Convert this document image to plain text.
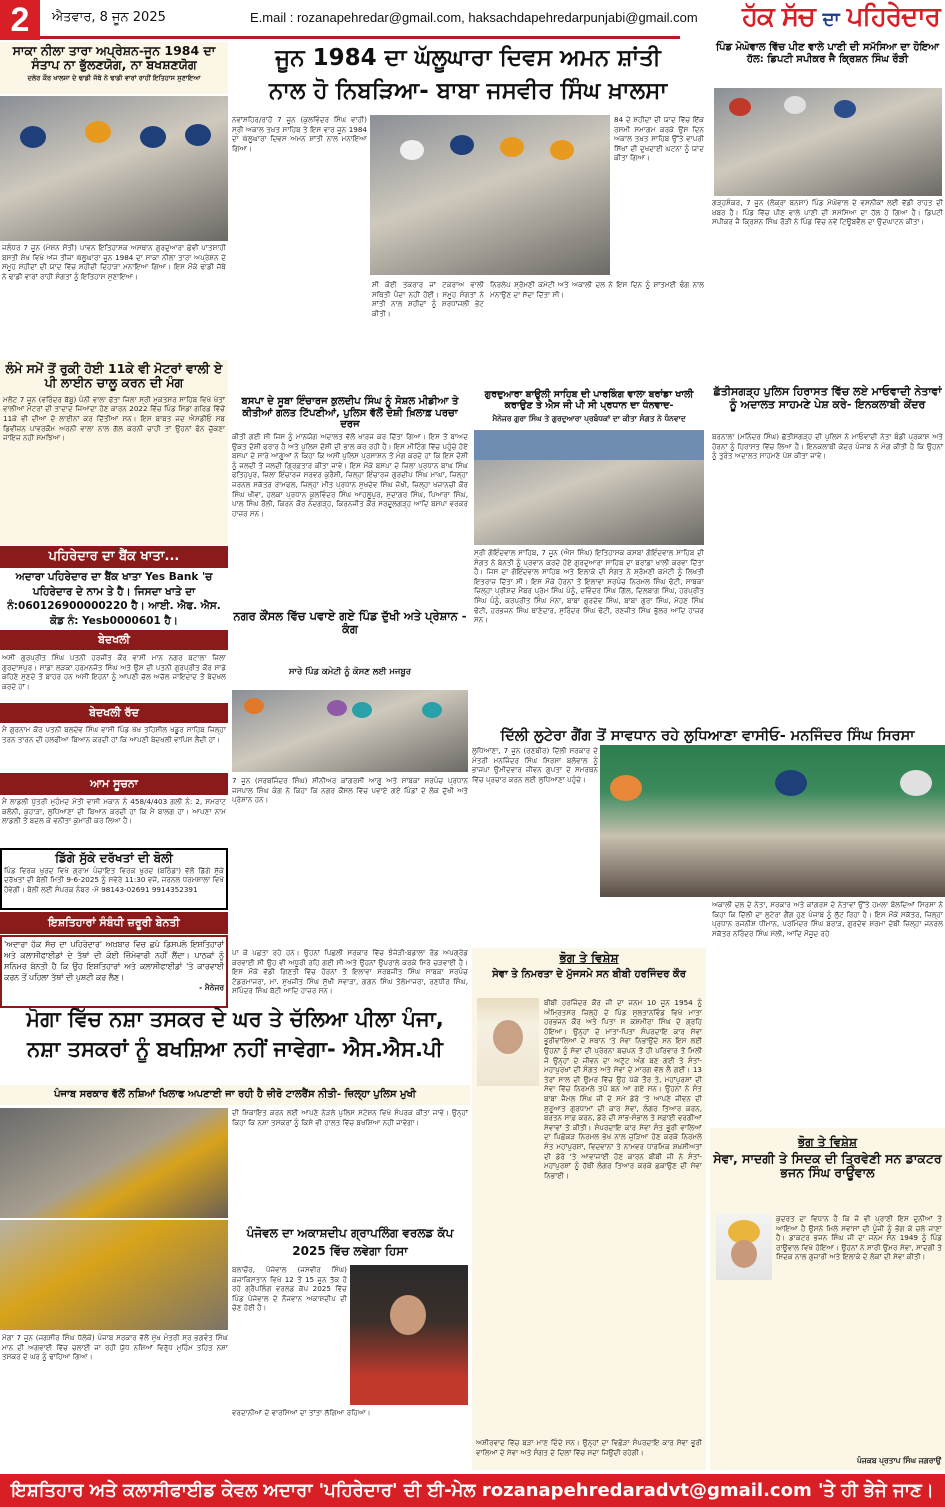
2	ਐਤਵਾਰ, 8 ਜੂਨ 2025	E.mail : rozanapehredar@gmail.com, haksachdapehredarpunjabi@gmail.com ਹੱਕ ਸੱਚ ਦਾ ਪਹਿਰੇਦਾਰ
ਸਾਕਾ ਨੀਲਾ ਤਾਰਾ ਅਪ੍ਰੇਸ਼ਨ-ਜੂਨ 1984 ਦਾ ਸੰਤਾਪ ਨਾ ਭੁੱਲਣਯੋਗ, ਨਾ ਬਖਸ਼ਣਯੋਗ
ਦਲੇਰ ਕੌਰ ਖਾਲਸਾ ਦੇ ਢਾਡੀ ਜੱਥੇ ਨੇ ਢਾਡੀ ਵਾਰਾਂ ਰਾਹੀਂ ਇਤਿਹਾਸ ਸੁਣਾਇਆ
ਜਲੰਧਰ 7 ਜੂਨ (ਮੇਸ਼ਨ ਸੋਤੀ) ਪਾਵਨ ਇਤਿਹਾਸਕ ਅਸਥਾਨ ਗੁਰਦੁਆਰਾ ਛੇਵੀਂ ਪਾਤਸ਼ਾਹੀ ਬਸਤੀ ਸ਼ੇਖ ਵਿਖੇ ਅੱਜ ਤੀਜਾ ਘੱਲੂਘਾਰਾ ਜੂਨ 1984 ਦਾ ਸਾਕਾ ਨੀਲਾ ਤਾਰਾ ਅਪ੍ਰੇਸ਼ਨ ਦੇ ਸਮੂਹ ਸ਼ਹੀਦਾਂ ਦੀ ਯਾਦ ਵਿੱਚ ਸ਼ਹੀਦੀ ਦਿਹਾੜਾ ਮਨਾਇਆ ਗਿਆ। ਇਸ ਮੌਕੇ ਢਾਡੀ ਜੱਥੇ ਨੇ ਢਾਡੀ ਵਾਰਾਂ ਰਾਹੀਂ ਸੰਗਤਾਂ ਨੂੰ ਇਤਿਹਾਸ ਸੁਣਾਇਆ।
ਲੰਮੇ ਸਮੇਂ ਤੋਂ ਰੁਕੀ ਹੋਈ 11ਕੇ ਵੀ ਮੋਟਰਾਂ ਵਾਲੀ ਏ ਪੀ ਲਾਈਨ ਚਾਲੂ ਕਰਨ ਦੀ ਮੰਗ
ਮਲੋਟ 7 ਜੂਨ (ਵਰਿੰਦਰ ਬੱਬੂ) ਪੰਨੀ ਵਾਲਾ ਫੱਤਾ ਜਿਲਾ ਸ੍ਰੀ ਮੁਕਤਸਰ ਸਾਹਿਬ ਵਿਖੇ ਖੇਤਾਂ ਵਾਲੀਆਂ ਮੋਟਰਾਂ ਦੀ ਤਾਦਾਦ ਜਿਆਦਾ ਹੋਣ ਕਾਰਨ 2022 ਵਿੱਚ ਪਿੰਡ ਮਿੱਡਾ ਗਰਿਡ ਵਿੱਚੋਂ 11ਕੇ ਵੀ ਦੀਆਂ ਦੋ ਲਾਈਨਾਂ ਕਰ ਦਿੱਤੀਆਂ ਸਨ। ਇਸ ਬਾਬਤ ਜਦ ਐਸਡੀਓ ਸਬ ਡਿਵੀਜ਼ਨ ਪਾਵਰਕੌਮ ਅਰਨੀ ਵਾਲਾ ਨਾਲ ਗੱਲ ਕਰਨੀ ਚਾਹੀ ਤਾਂ ਉਹਨਾਂ ਫੋਨ ਚੁੱਕਣਾ ਜਾਇਜ਼ ਨਹੀਂ ਸਮਝਿਆ।
ਪਹਿਰੇਦਾਰ ਦਾ ਬੈਂਕ ਖਾਤਾ...
ਅਦਾਰਾ ਪਹਿਰੇਦਾਰ ਦਾ ਬੈਂਕ ਖਾਤਾ Yes Bank 'ਚ ਪਹਿਰੇਦਾਰ ਦੇ ਨਾਮ ਤੇ ਹੈ। ਜਿਸਦਾ ਖਾਤੇ ਦਾ ਨੰ:060126900000220 ਹੈ। ਆਈ. ਐਫ. ਐਸ. ਕੋਡ ਨੰ: Yesb0000601 ਹੈ।
ਬੇਦਖਲੀ
ਅਸੀਂ ਗੁਰਪ੍ਰੀਤ ਸਿੰਘ ਪਤਨੀ ਹਰਜੀਤ ਕੌਰ ਵਾਸੀ ਮਾਨ ਨਗਰ ਬਟਾਲਾ ਜਿਲਾ ਗੁਰਦਾਸਪੁਰ। ਸਾਡਾ ਲੜਕਾ ਹਰਮਨਜੋਤ ਸਿੰਘ ਅਤੇ ਉਸ ਦੀ ਪਤਨੀ ਗੁਰਪ੍ਰੀਤ ਕੌਰ ਸਾਡੇ ਕਹਿਣੇ ਸੁਣਦੇ ਤੋਂ ਬਾਹਰ ਹਨ ਅਸੀਂ ਇਹਨਾਂ ਨੂੰ ਆਪਣੀ ਚੱਲ ਅਚੱਲ ਜਾਇਦਾਦ ਤੋਂ ਬੇਦਖਲ ਕਰਦੇ ਹਾਂ।
ਬੇਦਖਲੀ ਰੱਦ
ਮੈਂ ਗੁਰਨਾਮ ਕੌਰ ਪਤਨੀ ਬਲਦੇਵ ਸਿੰਘ ਵਾਸੀ ਪਿੰਡ ਖੱਖ ਤਹਿਸੀਲ ਖਡੂਰ ਸਾਹਿਬ ਜਿਲ੍ਹਾ ਤਰਨ ਤਾਰਨ ਦੀ ਹਲਫੀਆ ਬਿਆਨ ਕਰਦੀ ਹਾਂ ਕਿ ਆਪਣੀ ਬੇਦਖਲੀ ਵਾਪਿਸ ਲੈਂਦੀ ਹਾਂ।
ਆਮ ਸੂਚਨਾ
ਮੈਂ ਲਾਡਲੀ ਪੁੱਤਰੀ ਮੁਹੰਮਦ ਮੋਤੀ ਵਾਸੀ ਮਕਾਨ ਨੰ 458/4/403 ਗਲੀ ਨੰ: 2, ਸਮਰਾਟ ਕਲੋਨੀ, ਕੁਹਾੜਾ, ਲੁਧਿਆਣਾ ਦੀ ਬਿਆਨ ਕਰਦੀ ਹਾਂ ਕਿ ਮੈਂ ਬਾਲਗ ਹਾਂ। ਆਪਣਾ ਨਾਮ ਲਾਡਲੀ ਤੋਂ ਬਦਲ ਕੇ ਵਨੀਤਾ ਕੁਮਾਰੀ ਕਰ ਲਿਆ ਹੈ।
ਡਿੱਗੇ ਸੁੱਕੇ ਦਰੱਖਤਾਂ ਦੀ ਬੋਲੀ
ਪਿੰਡ ਵਿਰਕ ਖੁਰਦ ਵਿਖੇ ਗ੍ਰਾਮ ਪੰਚਾਇਤ ਵਿਰਕ ਖੁਰਦ (ਬਠਿੰਡਾ) ਵੱਲੋਂ ਡਿੱਗੇ ਸੁੱਕੇ ਦਰੱਖਤਾਂ ਦੀ ਬੋਲੀ ਮਿਤੀ 9-6-2025 ਨੂੰ ਸਵੇਰੇ 11:30 ਵਜੇ, ਜਰਨਲ ਧਰਮਸ਼ਾਲਾ ਵਿਖੇ ਹੋਵੇਗੀ। ਬੋਲੀ ਲਈ ਸੰਪਰਕ ਨੰਬਰ -ਮੋ 98143-02691 9914352391
ਇਸ਼ਤਿਹਾਰਾਂ ਸੰਬੰਧੀ ਜ਼ਰੂਰੀ ਬੇਨਤੀ
'ਅਦਾਰਾ ਹੱਕ ਸੱਚ ਦਾ ਪਹਿਰੇਦਾਰ' ਅਖ਼ਬਾਰ ਵਿਚ ਛਪੇ ਡਿਸਪਲੇ ਇਸ਼ਤਿਹਾਰਾਂ ਅਤੇ ਕਲਾਸੀਫਾਈਡਾਂ ਦੇ ਤੱਥਾਂ ਦੀ ਕੋਈ ਜ਼ਿੰਮੇਵਾਰੀ ਨਹੀਂ ਲੈਂਦਾ। ਪਾਠਕਾਂ ਨੂੰ ਸਨਿਮਰ ਬੇਨਤੀ ਹੈ ਕਿ ਉਹ ਇਸ਼ਤਿਹਾਰਾਂ ਅਤੇ ਕਲਾਸੀਫਾਈਡਾਂ 'ਤੇ ਕਾਰਵਾਈ ਕਰਨ ਤੋਂ ਪਹਿਲਾ ਤੱਥਾਂ ਦੀ ਪੁਸ਼ਟੀ ਕਰ ਲੈਣ।
- ਮੈਨੇਜਰ
ਜੂਨ 1984 ਦਾ ਘੱਲੂਘਾਰਾ ਦਿਵਸ ਅਮਨ ਸ਼ਾਂਤੀ
ਨਾਲ ਹੋ ਨਿਬੜਿਆ- ਬਾਬਾ ਜਸਵੀਰ ਸਿੰਘ ਖ਼ਾਲਸਾ
ਨਵਾਂਸ਼ਹਿਰ/ਰਾਹੋਂ 7 ਜੂਨ (ਕੁਲਵਿੰਦਰ ਸਿੰਘ ਵਾਹੀ) ਸ੍ਰੀ ਅਕਾਲ ਤਖ਼ਤ ਸਾਹਿਬ ਤੇ ਇਸ ਵਾਰ ਜੂਨ 1984 ਦਾ ਘੱਲੂਘਾਰਾ ਦਿਵਸ ਅਮਨ ਸ਼ਾਂਤੀ ਨਾਲ ਮਨਾਇਆ ਗਿਆ।
84 ਦੇ ਸ਼ਹੀਦਾਂ ਦੀ ਯਾਦ ਵਿੱਚ ਇੱਕ ਰਸਮੀ ਸਮਾਗਮ ਕਰਕੇ ਉਸ ਦਿਨ ਅਕਾਲ ਤਖ਼ਤ ਸਾਹਿਬ ਉੱਤੇ ਵਾਪਰੀ ਸਿੱਖਾਂ ਦੀ ਦੁਖਦਾਈ ਘਟਨਾ ਨੂੰ ਯਾਦ ਕੀਤਾ ਗਿਆ।
ਸੀ ਕੋਈ ਤਕਰਾਰ ਜਾਂ ਟਕਰਾਅ ਵਾਲੀ ਸਥਿਤੀ ਪੈਦਾ ਨਹੀਂ ਹੋਈ। ਸਮੂਹ ਸੰਗਤਾਂ ਨੇ ਸ਼ਾਂਤੀ ਨਾਲ ਸ਼ਹੀਦਾਂ ਨੂੰ ਸ਼ਰਧਾਂਜਲੀ ਭੇਟ ਕੀਤੀ।
ਨਿਰਲੇਪ ਸ਼੍ਰੋਮਣੀ ਕਮੇਟੀ ਅਤੇ ਅਕਾਲੀ ਦਲ ਨੇ ਇਸ ਦਿਨ ਨੂੰ ਸ਼ਾਂਤਮਈ ਢੰਗ ਨਾਲ ਮਨਾਉਣ ਦਾ ਸੱਦਾ ਦਿੱਤਾ ਸੀ।
ਬਸਪਾ ਦੇ ਸੂਬਾ ਇੰਚਾਰਜ ਕੁਲਦੀਪ ਸਿੰਘ ਨੂੰ ਸੋਸ਼ਲ ਮੀਡੀਆ ਤੇ ਕੀਤੀਆਂ ਗਲਤ ਟਿੱਪਣੀਆਂ, ਪੁਲਿਸ ਵੱਲੋਂ ਦੋਸ਼ੀ ਖ਼ਿਲਾਫ਼ ਪਰਚਾ ਦਰਜ
ਕੀਤੀ ਗਈ ਸੀ ਜਿਸ ਨੂੰ ਮਾਨਯੋਗ ਅਦਾਲਤ ਵੱਲੋਂ ਖਾਰਜ ਕਰ ਦਿੱਤਾ ਗਿਆ। ਇਸ ਤੋਂ ਬਾਅਦ ਉਕਤ ਦੋਸ਼ੀ ਫਰਾਰ ਹੈ ਅਤੇ ਪੁਲਿਸ ਦੋਸ਼ੀ ਦੀ ਭਾਲ ਕਰ ਰਹੀ ਹੈ। ਇਸ ਮੀਟਿੰਗ ਵਿੱਚ ਪਹੁੰਚੇ ਹੋਏ ਬਸਪਾ ਦੇ ਸਾਰੇ ਆਗੂਆਂ ਨੇ ਕਿਹਾ ਕਿ ਅਸੀਂ ਪੁਲਿਸ ਪ੍ਰਸਾਸ਼ਨ ਤੋਂ ਮੰਗ ਕਰਦੇ ਹਾਂ ਕਿ ਇਸ ਦੋਸ਼ੀ ਨੂੰ ਜਲਦੀ ਤੋਂ ਜਲਦੀ ਗ੍ਰਿਫ਼ਤਾਰ ਕੀਤਾ ਜਾਵੇ। ਇਸ ਮੌਕੇ ਬਸਪਾ ਦੇ ਜ਼ਿਲਾ ਪ੍ਰਧਾਨ ਬਾਘ ਸਿੰਘ ਫਤਿਹਪੁਰ, ਜ਼ਿਲਾ ਇੰਚਾਰਜ ਸਰਵਰ ਕੁਰੈਸ਼ੀ, ਜ਼ਿਲ੍ਹਾ ਇੰਚਾਰਜ ਗੁਰਦੀਪ ਸਿੰਘ ਮਾਘਾ, ਜ਼ਿਲ੍ਹਾ ਜਰਨਲ ਸਕੱਤਰ ਰਾਮਫਲ, ਜ਼ਿਲ੍ਹਾ ਮੀਤ ਪ੍ਰਧਾਨ ਸੁਖਦੇਵ ਸਿੰਘ ਜ਼ੋਖੀ, ਜ਼ਿਲ੍ਹਾ ਖਜ਼ਾਨਚੀ ਕੌਰ ਸਿੰਘ ਖੀਵਾ, ਹਲਕਾ ਪ੍ਰਧਾਨ ਕੁਲਵਿੰਦਰ ਸਿੰਘ ਆਹਲੂਪੁਰ, ਸੁਦਾਗਰ ਸਿੰਘ, ਪਿਆਰਾ ਸਿੰਘ, ਪਾਲ ਸਿੰਘ ਰੌਲੀ, ਕਿਰਨ ਕੌਰ ਨੰਦਗੜ੍ਹ, ਕਿਰਨਜੀਤ ਕੌਰ ਸਰਦੂਲਗੜ੍ਹ ਆਦਿ ਬਸਪਾ ਵਰਕਰ ਹਾਜ਼ਰ ਸਨ।
ਨਗਰ ਕੌਂਸਲ ਵਿੱਚ ਪਵਾਏ ਗਏ ਪਿੰਡ ਦੁੱਖੀ ਅਤੇ ਪ੍ਰੇਸ਼ਾਨ - ਕੰਗ
ਸਾਰੇ ਪਿੰਡ ਕਮੇਟੀ ਨੂੰ ਕੋਸਣ ਲਈ ਮਜਬੂਰ
7 ਜੂਨ (ਸਰਬਜਿੰਦਰ ਸਿੰਘ) ਸੀਨੀਅਰ ਕਾਂਗਰਸੀ ਆਗੂ ਅਤੇ ਸਾਬਕਾ ਸਰਪੰਚ ਪ੍ਰਧਾਨ ਜਸਪਾਲ ਸਿੰਘ ਕੰਗ ਨੇ ਕਿਹਾ ਕਿ ਨਗਰ ਕੌਂਸਲ ਵਿੱਚ ਪਵਾਏ ਗਏ ਪਿੰਡਾਂ ਦੇ ਲੋਕ ਦੁੱਖੀ ਅਤੇ ਪ੍ਰੇਸ਼ਾਨ ਹਨ।
ਗੁਰਦੁਆਰਾ ਬਾਉਲੀ ਸਾਹਿਬ ਦੀ ਪਾਰਕਿੰਗ ਵਾਲਾ ਬਰਾਂਡਾ ਖਾਲੀ ਕਰਾਉਣ ਤੇ ਐਸ ਜੀ ਪੀ ਸੀ ਪ੍ਰਧਾਨ ਦਾ ਧੰਨਵਾਦ-
ਮੈਨੇਜਰ ਗੁਰਾ ਸਿੰਘ ਤੇ ਗੁਰਦੁਆਰਾ ਪ੍ਰਬੰਧਕਾਂ ਦਾ ਕੀਤਾ ਸੰਗਤ ਨੇ ਧੰਨਵਾਦ
ਸ੍ਰੀ ਗੋਇੰਦਵਾਲ ਸਾਹਿਬ, 7 ਜੂਨ (ਐਸ ਸਿੰਘ) ਇਤਿਹਾਸਕ ਕਸਬਾ ਗੋਇੰਦਵਾਲ ਸਾਹਿਬ ਦੀ ਸੰਗਤ ਨੇ ਬੇਨਤੀ ਨੂੰ ਪ੍ਰਵਾਨ ਕਰਦੇ ਹੋਏ ਗੁਰਦੁਆਰਾ ਸਾਹਿਬ ਦਾ ਬਰਾਂਡਾ ਖਾਲੀ ਕਰਵਾ ਦਿੱਤਾ ਹੈ। ਜਿਸ ਦਾ ਗੋਇੰਦਵਾਲ ਸਾਹਿਬ ਅਤੇ ਇਲਾਕੇ ਦੀ ਸੰਗਤ ਨੇ ਸ਼੍ਰੋਮਣੀ ਕਮੇਟੀ ਨੂੰ ਲਿਖਤੀ ਇਤਰਾਜ਼ ਦਿੱਤਾ ਸੀ। ਇਸ ਮੌਕੇ ਹੋਰਨਾਂ ਤੋਂ ਇਲਾਵਾ ਸਰਪੰਚ ਨਿਰਮਲ ਸਿੰਘ ਢੋਟੀ, ਸਾਬਕਾ ਜ਼ਿਲ੍ਹਾ ਪ੍ਰੀਸ਼ਦ ਮੈਂਬਰ ਪ੍ਰੇਮ ਸਿੰਘ ਪੰਨੂੰ, ਦਵਿੰਦਰ ਸਿੰਘ ਗਿੱਲ, ਦਿਲਬਾਗ ਸਿੰਘ, ਹਰਪ੍ਰੀਤ ਸਿੰਘ ਪੰਨੂੰ, ਕਰਪ੍ਰੀਤ ਸਿੰਘ ਮੇਨਾ, ਬਾਬਾ ਗੁਰਦੇਵ ਸਿੰਘ, ਬਾਬਾ ਗੁਰਾ ਸਿੰਘ, ਮੋਹਣ ਸਿੰਘ ਢੋਟੀ, ਹਰਭਜਨ ਸਿੰਘ ਥਾਣੇਦਾਰ, ਸੁਰਿੰਦਰ ਸਿੰਘ ਢੋਟੀ, ਰਣਜੀਤ ਸਿੰਘ ਭੁੱਲਰ ਆਦਿ ਹਾਜ਼ਰ ਸਨ।
ਪਿੰਡ ਮੋਘੋਵਾਲ ਵਿੱਚ ਪੀਣ ਵਾਲੇ ਪਾਣੀ ਦੀ ਸਮੱਸਿਆ ਦਾ ਹੋਇਆ ਹੱਲ: ਡਿਪਟੀ ਸਪੀਕਰ ਜੈ ਕ੍ਰਿਸ਼ਨ ਸਿੰਘ ਰੌੜੀ
ਗੜ੍ਹਸ਼ੰਕਰ, 7 ਜੂਨ (ਲੋਕ੍ਰਾ ਬਨਸ਼ਾ) ਪਿੰਡ ਮੋਘੋਵਾਲ ਦੇ ਵਸਨੀਕਾਂ ਲਈ ਵੱਡੀ ਰਾਹਤ ਦੀ ਖ਼ਬਰ ਹੈ। ਪਿੰਡ ਵਿੱਚ ਪੀਣ ਵਾਲੇ ਪਾਣੀ ਦੀ ਸਮੱਸਿਆ ਦਾ ਹੱਲ ਹੋ ਗਿਆ ਹੈ। ਡਿਪਟੀ ਸਪੀਕਰ ਜੈ ਕ੍ਰਿਸ਼ਨ ਸਿੰਘ ਰੌੜੀ ਨੇ ਪਿੰਡ ਵਿੱਚ ਨਵੇਂ ਟਿਊਬਵੈੱਲ ਦਾ ਉਦਘਾਟਨ ਕੀਤਾ।
ਛੱਤੀਸਗੜ੍ਹ ਪੁਲਿਸ ਹਿਰਾਸਤ ਵਿੱਚ ਲਏ ਮਾਓਵਾਦੀ ਨੇਤਾਵਾਂ ਨੂੰ ਅਦਾਲਤ ਸਾਹਮਣੇ ਪੇਸ਼ ਕਰੇ- ਇਨਕਲਾਬੀ ਕੇਂਦਰ
ਬਰਨਾਲਾ (ਮਨਿੰਦਰ ਸਿੰਘ) ਛੱਤੀਸਗੜ੍ਹ ਦੀ ਪੁਲਿਸ ਨੇ ਮਾਓਵਾਦੀ ਨੇਤਾ ਬੰਡੀ ਪ੍ਰਕਾਸ਼ ਅਤੇ ਹੋਰਨਾਂ ਨੂੰ ਹਿਰਾਸਤ ਵਿੱਚ ਲਿਆ ਹੈ। ਇਨਕਲਾਬੀ ਕੇਂਦਰ ਪੰਜਾਬ ਨੇ ਮੰਗ ਕੀਤੀ ਹੈ ਕਿ ਉਹਨਾਂ ਨੂੰ ਤੁਰੰਤ ਅਦਾਲਤ ਸਾਹਮਣੇ ਪੇਸ਼ ਕੀਤਾ ਜਾਵੇ।
ਦਿੱਲੀ ਲੁਟੇਰਾ ਗੈਂਗ ਤੋਂ ਸਾਵਧਾਨ ਰਹੇ ਲੁਧਿਆਣਾ ਵਾਸੀਓ- ਮਨਜਿੰਦਰ ਸਿੰਘ ਸਿਰਸਾ
ਲੁਧਿਆਣਾ, 7 ਜੂਨ (ਰਣਬੀਰ) ਦਿੱਲੀ ਸਰਕਾਰ ਦੇ ਮੰਤਰੀ ਮਨਜਿੰਦਰ ਸਿੰਘ ਸਿਰਸਾ ਬਲੋਵਾਲ ਨੂੰ ਭਾਜਪਾ ਉਮੀਦਵਾਰ ਜੀਵਨ ਗੁਪਤਾ ਦੇ ਸਮਰਥਨ ਵਿੱਚ ਪ੍ਰਚਾਰ ਕਰਨ ਲਈ ਲੁਧਿਆਣਾ ਪਹੁੰਚੇ।
ਅਕਾਲੀ ਦਲ ਦੇ ਨੇਤਾ, ਸਰਕਾਰ ਅਤੇ ਕਾਂਗਰਸ ਦੇ ਨੇਤਾਵਾਂ ਉੱਤੇ ਹਮਲਾ ਬੋਲਦਿਆਂ ਸਿਰਸਾ ਨੇ ਕਿਹਾ ਕਿ ਦਿੱਲੀ ਦਾ ਲੁਟੇਰਾ ਗੈਂਗ ਹੁਣ ਪੰਜਾਬ ਨੂੰ ਲੁੱਟ ਰਿਹਾ ਹੈ। ਇਸ ਮੌਕੇ ਸਕੱਤਰ, ਜ਼ਿਲ੍ਹਾ ਪ੍ਰਧਾਨ ਰਜਨੀਸ਼ ਧੀਮਾਨ, ਪਰਮਿੰਦਰ ਸਿੰਘ ਬਰਾੜ, ਗੁਰਦੇਵ ਸ਼ਰਮਾ ਦੇਬੀ ਜ਼ਿਲ੍ਹਾ ਜਨਰਲ ਸਕੱਤਰ ਨਰਿੰਦਰ ਸਿੰਘ ਮੱਲੀ, ਆਦਿ ਮੌਜੂਦ ਰਹੇ
ਪਾ ਕੇ ਪਛਤਾ ਰਹੇ ਹਨ। ਉਹਨਾਂ ਪਿਛਲੀ ਸਰਕਾਰ ਵਿੱਚ ਝੰਜੇੜੀ-ਬਡਾਲਾ ਰੋਡ ਅਪਗ੍ਰੇਡ ਕਰਵਾਈ ਸੀ ਉਹ ਵੀ ਅਧੂਰੀ ਰਹਿ ਗਈ ਸੀ ਅਤੇ ਉਹਨਾਂ ਉਪਰਾਲੇ ਕਰਕੇ ਸਿਰੇ ਚੜਵਾਈ ਹੈ। ਇਸ ਮੌਕੇ ਵੱਡੀ ਗਿਣਤੀ ਵਿੱਚ ਹੋਰਨਾਂ ਤੋਂ ਇਲਾਵਾ ਸਰਬਜੀਤ ਸਿੰਘ ਸਾਬਕਾ ਸਰਪੰਚ ਟੋਡਰਮਾਜਰਾ, ਮਾ. ਸੁਖਜੀਤ ਸਿੰਘ ਸੁੱਖੀ ਸਵਾੜਾ, ਗਗਨ ਸਿੰਘ ਤੋਲੇਮਾਜਰਾ, ਰਣਧੀਰ ਸਿੰਘ, ਸਪਿੰਦਰ ਸਿੰਘ ਬੱਟੀ ਆਦਿ ਹਾਜ਼ਰ ਸਨ।
ਮੋਗਾ ਵਿੱਚ ਨਸ਼ਾ ਤਸਕਰ ਦੇ ਘਰ ਤੇ ਚੱਲਿਆ ਪੀਲਾ ਪੰਜਾ,
ਨਸ਼ਾ ਤਸਕਰਾਂ ਨੂੰ ਬਖਸ਼ਿਆ ਨਹੀਂ ਜਾਵੇਗਾ- ਐਸ.ਐਸ.ਪੀ
ਪੰਜਾਬ ਸਰਕਾਰ ਵੱਲੋਂ ਨਸ਼ਿਆਂ ਖਿਲਾਫ ਅਪਣਾਈ ਜਾ ਰਹੀ ਹੈ ਜ਼ੀਰੋ ਟਾਲਰੈਂਸ ਨੀਤੀ- ਜ਼ਿਲ੍ਹਾ ਪੁਲਿਸ ਮੁਖੀ
ਮੋਗਾ 7 ਜੂਨ (ਜਗਸੀਰ ਸਿੰਘ ਧੱਲੇਕੇ) ਪੰਜਾਬ ਸਰਕਾਰ ਵੱਲੋਂ ਮੁੱਖ ਮੰਤਰੀ ਸ੍ਰ ਭਗਵੰਤ ਸਿੰਘ ਮਾਨ ਦੀ ਅਗਵਾਈ ਵਿੱਚ ਚਲਾਈ ਜਾ ਰਹੀ ਯੁੱਧ ਨਸ਼ਿਆਂ ਵਿਰੁੱਧ ਮੁਹਿੰਮ ਤਹਿਤ ਨਸ਼ਾ ਤਸਕਰ ਦੇ ਘਰ ਨੂੰ ਢਾਹਿਆ ਗਿਆ।
ਦੀ ਸ਼ਿਕਾਇਤ ਕਰਨ ਲਈ ਆਪਣੇ ਨੇੜਲੇ ਪੁਲਿਸ ਸਟੇਸ਼ਨ ਵਿਖੇ ਸੰਪਰਕ ਕੀਤਾ ਜਾਵੇ। ਉਨ੍ਹਾਂ ਕਿਹਾ ਕਿ ਨਸ਼ਾ ਤਸਕਰਾਂ ਨੂੰ ਕਿਸੇ ਵੀ ਹਾਲਤ ਵਿੱਚ ਬਖਸ਼ਿਆ ਨਹੀਂ ਜਾਵੇਗਾ।
ਪੰਜੋਵਲ ਦਾ ਅਕਾਸ਼ਦੀਪ ਗ੍ਰਾਪਲਿੰਗ ਵਰਲਡ ਕੱਪ 2025 ਵਿੱਚ ਲਵੇਗਾ ਹਿਸਾ
ਬਲਾਚੌਰ, ਪੋਜੇਵਾਲ (ਜਸਵੀਰ ਸਿੰਘ) ਕਜ਼ਾਕਿਸਤਾਨ ਵਿਖੇ 12 ਤੋਂ 15 ਜੂਨ ਤੱਕ ਹੋ ਰਹੇ ਗ੍ਰੈਪਲਿੰਗ ਵਰਲਡ ਕੱਪ 2025 ਵਿੱਚ ਪਿੰਡ ਪੋਜੇਵਾਲ ਦੇ ਨੌਜਵਾਨ ਅਕਾਸ਼ਦੀਪ ਦੀ ਚੋਣ ਹੋਈ ਹੈ।
ਵਰਦਾਨੀਆਂ ਦੇ ਵਾਰਸਿਆਂ ਦਾ ਤਾਂਤਾ ਲੱਗਿਆ ਰਹਿਆ।
ਭੋਗ ਤੇ ਵਿਸ਼ੇਸ਼
ਸੇਵਾ ਤੇ ਨਿਮਰਤਾ ਦੇ ਮੁੱਜਸਮੇ ਸਨ ਬੀਬੀ ਹਰਜਿੰਦਰ ਕੌਰ
ਬੀਬੀ ਹਰਜਿੰਦਰ ਕੌਰ ਜੀ ਦਾ ਜਨਮ 10 ਜੂਨ 1954 ਨੂੰ ਅੰਮ੍ਰਿਤਸਰ ਜ਼ਿਲ੍ਹੇ ਦੇ ਪਿੰਡ ਸੁਲਤਾਨਵਿੰਡ ਵਿਖੇ ਮਾਤਾ ਹਰਭਜਨ ਕੌਰ ਅਤੇ ਪਿਤਾ ਸ ਕਸ਼ਮੀਰਾ ਸਿੰਘ ਦੇ ਗ੍ਰਹਿ ਹੋਇਆ। ਉਨ੍ਹਾਂ ਦੇ ਮਾਤਾ-ਪਿਤਾ ਸੰਪਰਦਾਇ ਕਾਰ ਸੇਵਾ ਭੂਰੀਵਾਲਿਆਂ ਦੇ ਸਥਾਨ 'ਤੇ ਸੇਵਾ ਨਿਭਾਉਂਦੇ ਸਨ ਇਸ ਲਈ ਉਹਨਾਂ ਨੂੰ ਸੇਵਾ ਦੀ ਪ੍ਰੇਰਨਾ ਬਚਪਨ ਤੋਂ ਹੀ ਪਰਿਵਾਰ ਤੋਂ ਮਿਲੀ ਜੋ ਉਨ੍ਹਾਂ ਦੇ ਜੀਵਨ ਦਾ ਅਟੁੱਟ ਅੰਗ ਬਣ ਗਈ ਤੇ ਸੰਤਾਂ-ਮਹਾਪੁਰਖਾਂ ਦੀ ਸੰਗਤ ਅਤੇ ਸੇਵਾ ਦੇ ਮਾਰਗ ਵੱਲ ਲੈ ਗਈ। 13 ਤੇਰਾਂ ਸਾਲ ਦੀ ਉਮਰ ਵਿੱਚ ਉਹ ਪੱਕੇ ਤੌਰ ਤੇ, ਮਹਾਂਪੁਰਸ਼ਾਂ ਦੀ ਸੇਵਾ ਵਿੱਚ ਨਿਰਮਲੇ ਤਪੋ ਬਨ ਆ ਗਏ ਸਨ। ਉਹਨਾਂ ਨੇ ਸੰਤ ਬਾਬਾ ਜੈਮਲ ਸਿੰਘ ਜੀ ਦੇ ਸਮੇਂ ਡੇਰੇ 'ਤੇ ਆਪਣੇ ਜੀਵਨ ਦੀ ਸ਼ੁਰੂਆਤ ਗੁਰਧਾਮਾਂ ਦੀ ਕਾਰ ਸੇਵਾ, ਲੰਗਰ ਤਿਆਰ ਕਰਨ, ਬਰਤਨ ਸਾਫ਼ ਕਰਨ, ਡੇਰੇ ਦੀ ਸਾਂਭ-ਸੰਭਾਲ ਤੇ ਸਫ਼ਾਈ ਵਰਗੀਆਂ ਸੇਵਾਵਾਂ ਤੋਂ ਕੀਤੀ। ਸੰਪਰਦਾਇ ਕਾਰ ਸੇਵਾ ਸੰਤ ਭੂਰੀ ਵਾਲਿਆਂ ਦਾ ਪਿਛੋਕੜ ਨਿਰਮਲ ਭੇਖ ਨਾਲ ਜੁੜਿਆ ਹੋਣ ਕਰਕੇ ਨਿਰਮਲੇ ਸੰਤ ਮਹਾਂਪੁਰਸ਼ਾਂ, ਵਿਦਵਾਨਾਂ ਤੇ ਨਾਮਵਰ ਧਾਰਮਿਕ ਸ਼ਖ਼ਸੀਅਤਾਂ ਦੀ ਡੇਰੇ 'ਤੇ ਆਵਾਜਾਈ ਹੋਣ ਕਾਰਨ ਬੀਬੀ ਜੀ ਨੇ ਸੰਤਾਂ-ਮਹਾਂਪੁਰਸ਼ਾਂ ਨੂੰ ਹੱਥੀਂ ਲੰਗਰ ਤਿਆਰ ਕਰਕੇ ਛਕਾਉਣ ਦੀ ਸੇਵਾ ਨਿਭਾਈ।
ਅਸ਼ੀਰਵਾਦ ਵਿੱਚ ਬੜਾ ਮਾਣ ਦਿੰਦੇ ਸਨ। ਉਨ੍ਹਾਂ ਦਾ ਵਿਛੋੜਾ ਸੰਪਰਦਾਇ ਕਾਰ ਸੇਵਾ ਭੂਰੀ ਵਾਲਿਆਂ ਦੇ ਸੇਵਾ ਅਤੇ ਸੰਗਤ ਦੇ ਦਿਲਾਂ ਵਿੱਚ ਸਦਾ ਜਿਉਂਦੀ ਰਹੇਗੀ।
ਭੋਗ ਤੇ ਵਿਸ਼ੇਸ਼
ਸੇਵਾ, ਸਾਦਗੀ ਤੇ ਸਿਦਕ ਦੀ ਤ੍ਰਿਵੇਣੀ ਸਨ ਡਾਕਟਰ ਭਜਨ ਸਿੰਘ ਰਾਊਵਾਲ
ਕੁਦਰਤ ਦਾ ਵਿਧਾਨ ਹੈ ਕਿ ਜੋ ਵੀ ਪ੍ਰਾਣੀ ਇਸ ਦੁਨੀਆਂ ਤੇ ਆਇਆ ਹੈ ਉਸਨੇ ਮਿਲੇ ਸਵਾਸਾਂ ਦੀ ਪੂੰਜੀ ਨੂੰ ਭੋਗ ਕੇ ਚਲੇ ਜਾਣਾ ਹੈ। ਡਾਕਟਰ ਭਜਨ ਸਿੰਘ ਜੀ ਦਾ ਜਨਮ ਸੰਨ 1949 ਨੂੰ ਪਿੰਡ ਰਾਊਵਾਲ ਵਿਖੇ ਹੋਇਆ। ਉਹਨਾਂ ਨੇ ਸਾਰੀ ਉਮਰ ਸੇਵਾ, ਸਾਦਗੀ ਤੇ ਸਿਦਕ ਨਾਲ ਗੁਜ਼ਾਰੀ ਅਤੇ ਇਲਾਕੇ ਦੇ ਲੋਕਾਂ ਦੀ ਸੇਵਾ ਕੀਤੀ।
ਪੰਜਕਬ ਪ੍ਰਤਾਪ ਸਿੰਘ ਜਗਰਾਉਂ
ਇਸ਼ਤਿਹਾਰ ਅਤੇ ਕਲਾਸੀਫਾਈਡ ਕੇਵਲ ਅਦਾਰਾ 'ਪਹਿਰੇਦਾਰ' ਦੀ ਈ-ਮੇਲ rozanapehredaradvt@gmail.com 'ਤੇ ਹੀ ਭੇਜੇ ਜਾਣ।
